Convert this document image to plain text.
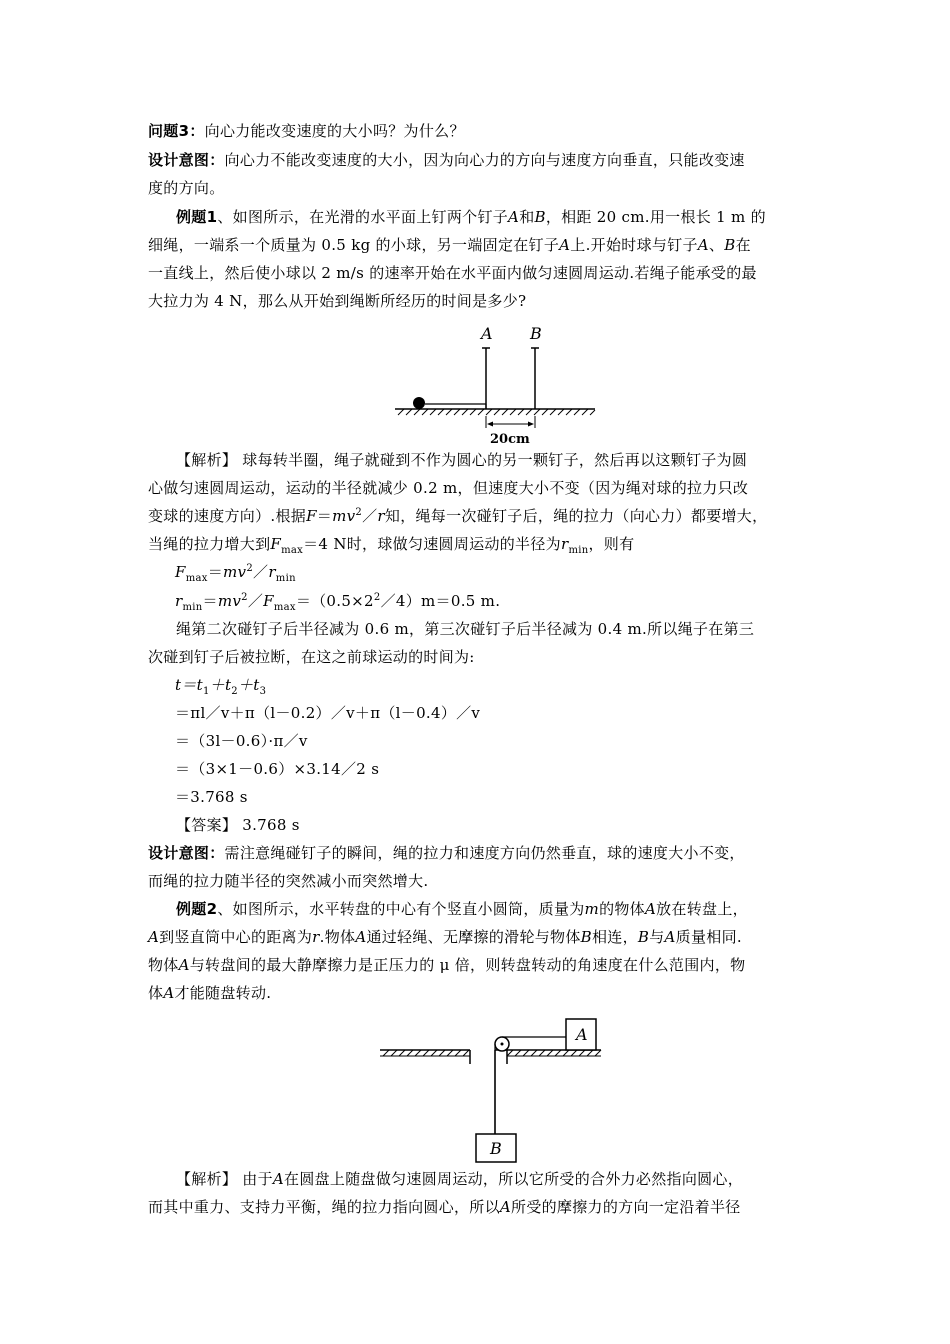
问题3：向心力能改变速度的大小吗？为什么？
设计意图：向心力不能改变速度的大小，因为向心力的方向与速度方向垂直，只能改变速
度的方向。
例题1、如图所示，在光滑的水平面上钉两个钉子A和B，相距 20 cm.用一根长 1 m 的
细绳，一端系一个质量为 0.5 kg 的小球，另一端固定在钉子A上.开始时球与钉子A、B在
一直线上，然后使小球以 2 m/s 的速率开始在水平面内做匀速圆周运动.若绳子能承受的最
大拉力为 4 N，那么从开始到绳断所经历的时间是多少?
A B
20cm
【解析】 球每转半圈，绳子就碰到不作为圆心的另一颗钉子，然后再以这颗钉子为圆
心做匀速圆周运动，运动的半径就减少 0.2 m，但速度大小不变（因为绳对球的拉力只改
变球的速度方向）.根据$F=mv^2/r$知，绳每一次碰钉子后，绳的拉力（向心力）都要增大，
当绳的拉力增大到$F_{max}=4$ N时，球做匀速圆周运动的半径为$r_{min}$，则有
$F_{max}=mv^2/r_{min}$
$r_{min}=mv^2/F_{max}=(0.5\times 2^2/4)m=0.5$ m.
绳第二次碰钉子后半径减为 0.6 m，第三次碰钉子后半径减为 0.4 m.所以绳子在第三
次碰到钉子后被拉断，在这之前球运动的时间为:
$t=t_1+t_2+t_3$
＝πl／v＋π（l－0.2）／v＋π（l－0.4）／v
＝（3l－0.6）·π／v
＝（3×1－0.6）×3.14／2 s
＝3.768 s
【答案】 3.768 s
设计意图：需注意绳碰钉子的瞬间，绳的拉力和速度方向仍然垂直，球的速度大小不变，
而绳的拉力随半径的突然减小而突然增大.
例题2、如图所示，水平转盘的中心有个竖直小圆筒，质量为m的物体A放在转盘上，
A到竖直筒中心的距离为r.物体A通过轻绳、无摩擦的滑轮与物体B相连，B与A质量相同.
物体A与转盘间的最大静摩擦力是正压力的 μ 倍，则转盘转动的角速度在什么范围内，物
体A才能随盘转动.
A
B
【解析】 由于A在圆盘上随盘做匀速圆周运动，所以它所受的合外力必然指向圆心，
而其中重力、支持力平衡，绳的拉力指向圆心，所以A所受的摩擦力的方向一定沿着半径
